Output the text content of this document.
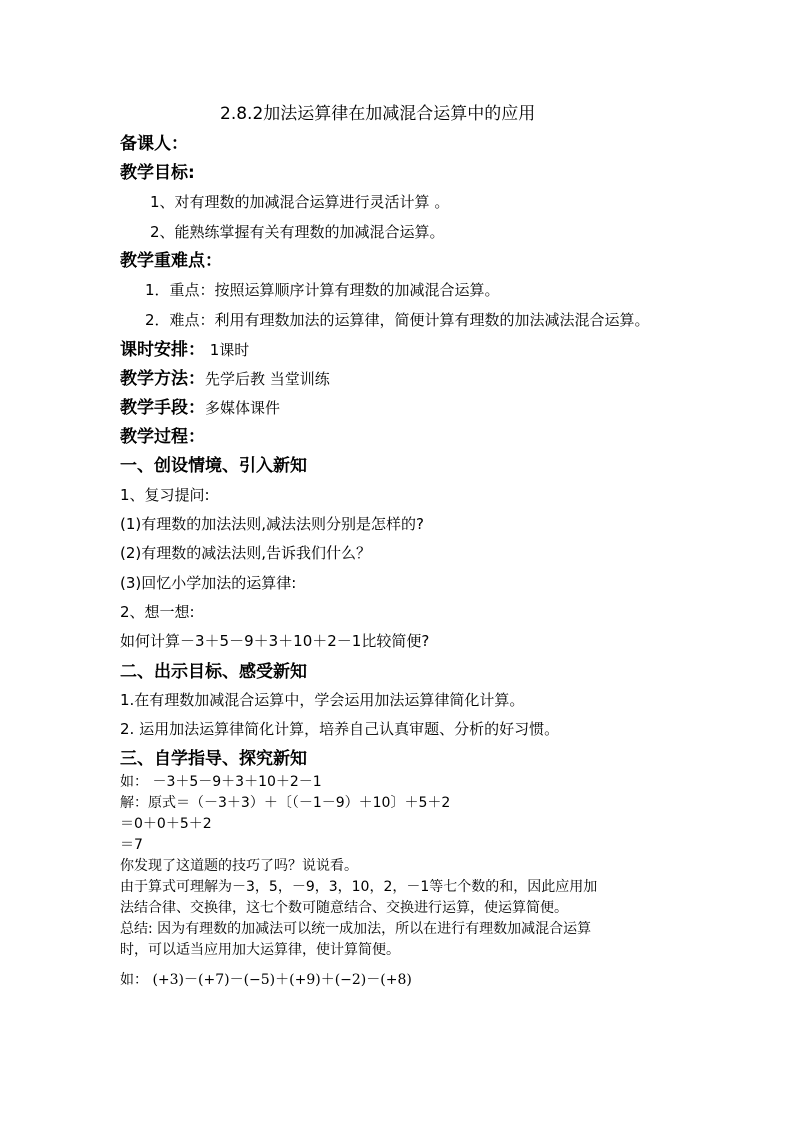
2.8.2加法运算律在加减混合运算中的应用
备课人：
教学目标:
1、对有理数的加减混合运算进行灵活计算 。
2、能熟练掌握有关有理数的加减混合运算。
教学重难点：
1．重点：按照运算顺序计算有理数的加减混合运算。
2．难点：利用有理数加法的运算律，简便计算有理数的加法减法混合运算。
课时安排： 1课时
教学方法：先学后教 当堂训练
教学手段：多媒体课件
教学过程：
一、创设情境、引入新知
1、复习提问:
(1)有理数的加法法则,减法法则分别是怎样的?
(2)有理数的减法法则,告诉我们什么？
(3)回忆小学加法的运算律:
2、想一想:
如何计算－3＋5－9＋3＋10＋2－1比较简便?
二、出示目标、感受新知
1.在有理数加减混合运算中，学会运用加法运算律简化计算。
2. 运用加法运算律简化计算，培养自己认真审题、分析的好习惯。
三、自学指导、探究新知
如： －3＋5－9＋3＋10＋2－1
解：原式＝（－3＋3）＋〔（－1－9）＋10〕＋5＋2
＝0＋0＋5＋2
＝7
你发现了这道题的技巧了吗？说说看。
由于算式可理解为－3，5，－9，3，10，2，－1等七个数的和，因此应用加
法结合律、交换律，这七个数可随意结合、交换进行运算，使运算简便。
总结: 因为有理数的加减法可以统一成加法，所以在进行有理数加减混合运算
时，可以适当应用加大运算律，使计算简便。
如： (+3)－(+7)－(−5)＋(+9)＋(−2)－(+8)
